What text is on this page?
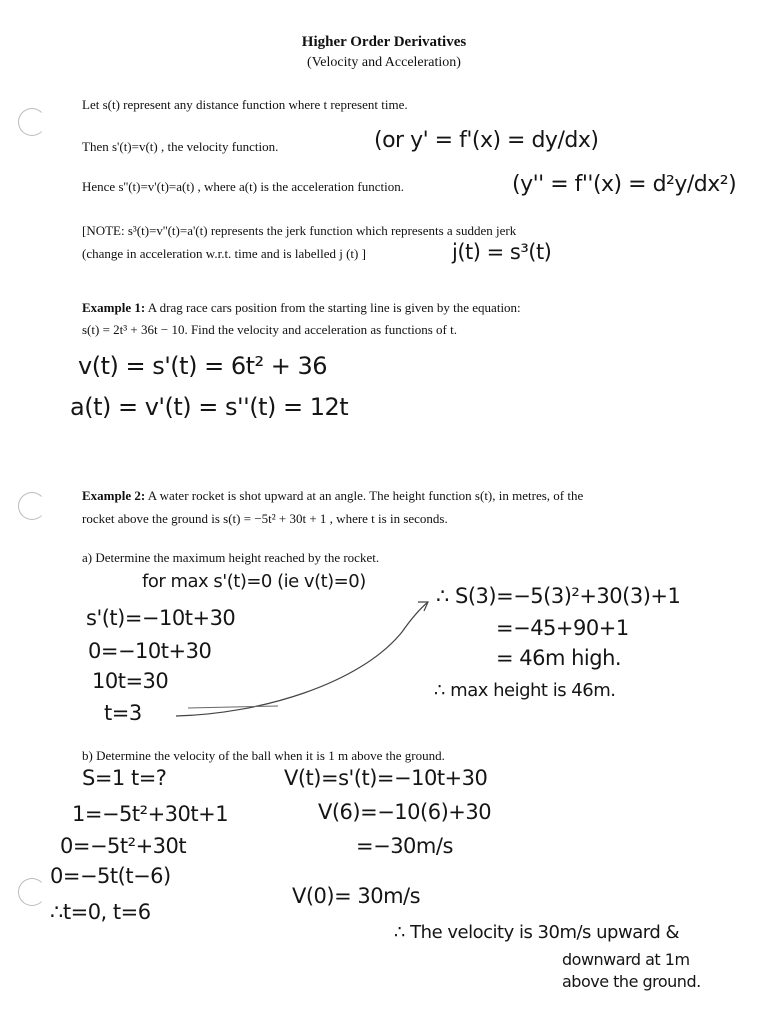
Higher Order Derivatives
(Velocity and Acceleration)
Let s(t) represent any distance function where t represent time.
Then s'(t)=v(t) , the velocity function.	(or y' = f'(x) = dy/dx)
Hence s''(t)=v'(t)=a(t) , where a(t) is the acceleration function.	(y'' = f''(x) = d²y/dx²)
[NOTE: s³(t)=v''(t)=a'(t) represents the jerk function which represents a sudden jerk
(change in acceleration w.r.t. time and is labelled j (t) ]	j(t) = s³(t)
Example 1: A drag race cars position from the starting line is given by the equation:
s(t) = 2t³ + 36t − 10. Find the velocity and acceleration as functions of t.
v(t) = s'(t) = 6t² + 36
a(t) = v'(t) = s''(t) = 12t
Example 2: A water rocket is shot upward at an angle. The height function s(t), in metres, of the
rocket above the ground is s(t) = −5t² + 30t + 1 , where t is in seconds.
a) Determine the maximum height reached by the rocket.
for max s'(t)=0 (ie v(t)=0)
s'(t)=−10t+30
0=−10t+30
10t=30
t=3
∴ S(3)=−5(3)²+30(3)+1
=−45+90+1
= 46m high.
∴ max height is 46m.
b) Determine the velocity of the ball when it is 1 m above the ground.
S=1 t=?
1=−5t²+30t+1
0=−5t²+30t
0=−5t(t−6)
∴t=0, t=6
V(t)=s'(t)=−10t+30
V(6)=−10(6)+30
=−30m/s
V(0)= 30m/s
∴ The velocity is 30m/s upward &
downward at 1m
above the ground.
